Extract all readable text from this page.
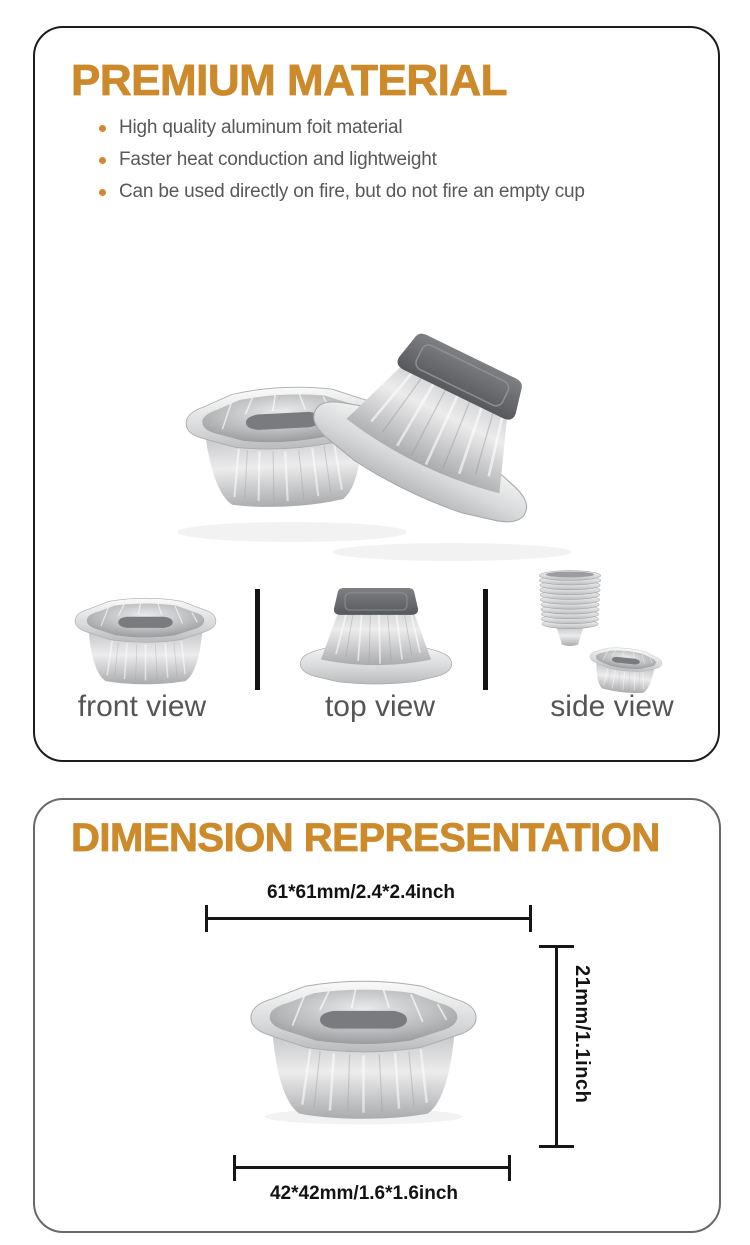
PREMIUM MATERIAL
High quality aluminum foit material
Faster heat conduction and lightweight
Can be used directly on fire, but do not fire an empty cup
front view	top view	side view
DIMENSION REPRESENTATION
61*61mm/2.4*2.4inch
21mm/1.1inch
42*42mm/1.6*1.6inch
